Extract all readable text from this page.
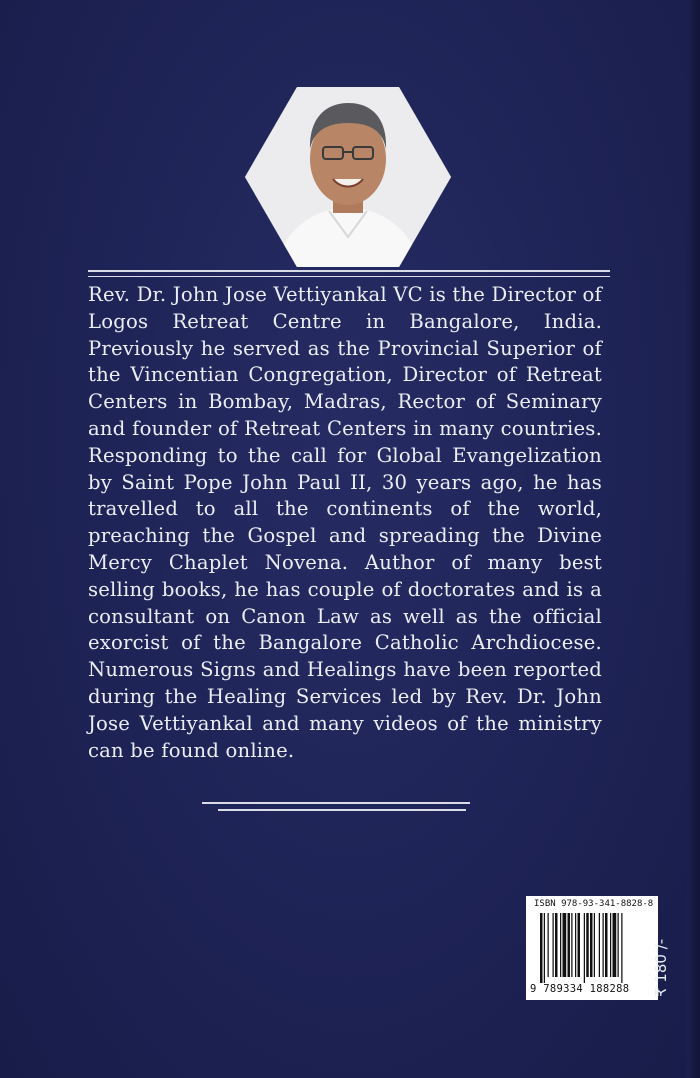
Rev. Dr. John Jose Vettiyankal VC is the Director of Logos Retreat Centre in Bangalore, India. Previously he served as the Provincial Superior of the Vincentian Congregation, Director of Retreat Centers in Bombay, Madras, Rector of Seminary and founder of Retreat Centers in many countries. Responding to the call for Global Evangelization by Saint Pope John Paul II, 30 years ago, he has travelled to all the continents of the world, preaching the Gospel and spreading the Divine Mercy Chaplet Novena. Author of many best selling books, he has couple of doctorates and is a consultant on Canon Law as well as the official exorcist of the Bangalore Catholic Archdiocese. Numerous Signs and Healings have been reported during the Healing Services led by Rev. Dr. John Jose Vettiyankal and many videos of the ministry can be found online.
ISBN 978-93-341-8828-8
9 789334 188288	₹ 180 /-
